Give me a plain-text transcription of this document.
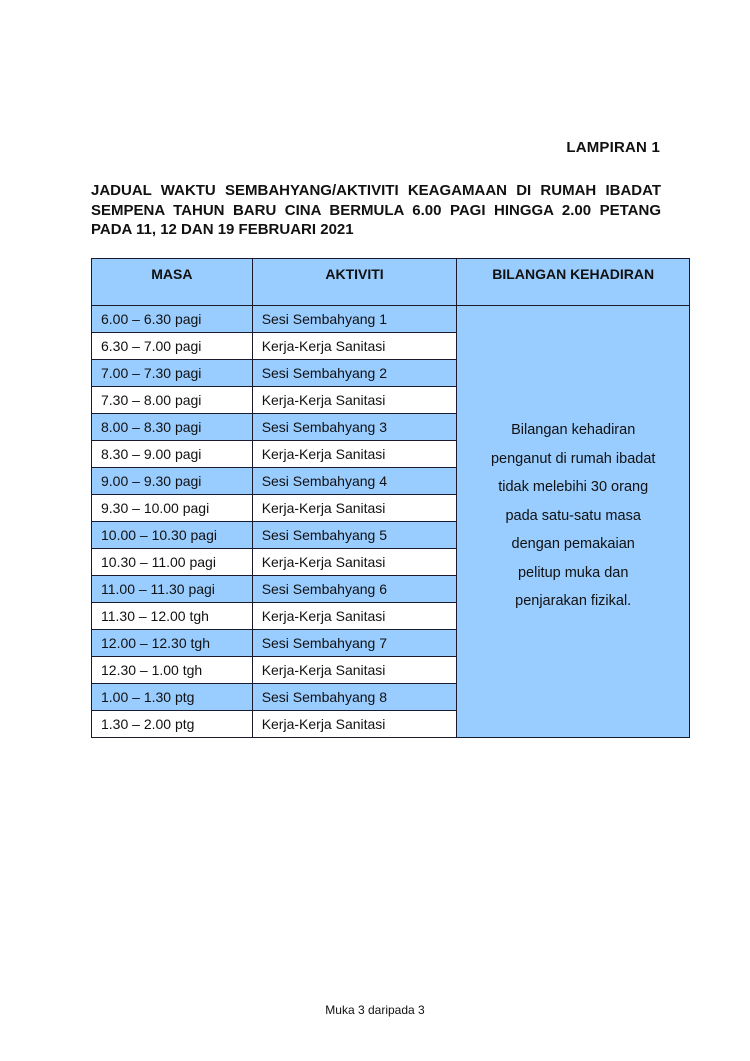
LAMPIRAN 1
JADUAL WAKTU SEMBAHYANG/AKTIVITI KEAGAMAAN DI RUMAH IBADAT SEMPENA TAHUN BARU CINA BERMULA 6.00 PAGI HINGGA 2.00 PETANG PADA 11, 12 DAN 19 FEBRUARI 2021
MASA	AKTIVITI	BILANGAN KEHADIRAN
6.00 – 6.30 pagi	Sesi Sembahyang 1	
Bilangan kehadiran
penganut di rumah ibadat
tidak melebihi 30 orang
pada satu-satu masa
dengan pemakaian
pelitup muka dan
penjarakan fizikal.

6.30 – 7.00 pagi	Kerja-Kerja Sanitasi	
7.00 – 7.30 pagi	Sesi Sembahyang 2	
7.30 – 8.00 pagi	Kerja-Kerja Sanitasi	
8.00 – 8.30 pagi	Sesi Sembahyang 3	
8.30 – 9.00 pagi	Kerja-Kerja Sanitasi	
9.00 – 9.30 pagi	Sesi Sembahyang 4	
9.30 – 10.00 pagi	Kerja-Kerja Sanitasi	
10.00 – 10.30 pagi	Sesi Sembahyang 5	
10.30 – 11.00 pagi	Kerja-Kerja Sanitasi	
11.00 – 11.30 pagi	Sesi Sembahyang 6	
11.30 – 12.00 tgh	Kerja-Kerja Sanitasi	
12.00 – 12.30 tgh	Sesi Sembahyang 7	
12.30 – 1.00 tgh	Kerja-Kerja Sanitasi	
1.00 – 1.30 ptg	Sesi Sembahyang 8	
1.30 – 2.00 ptg	Kerja-Kerja Sanitasi	
Muka 3 daripada 3
